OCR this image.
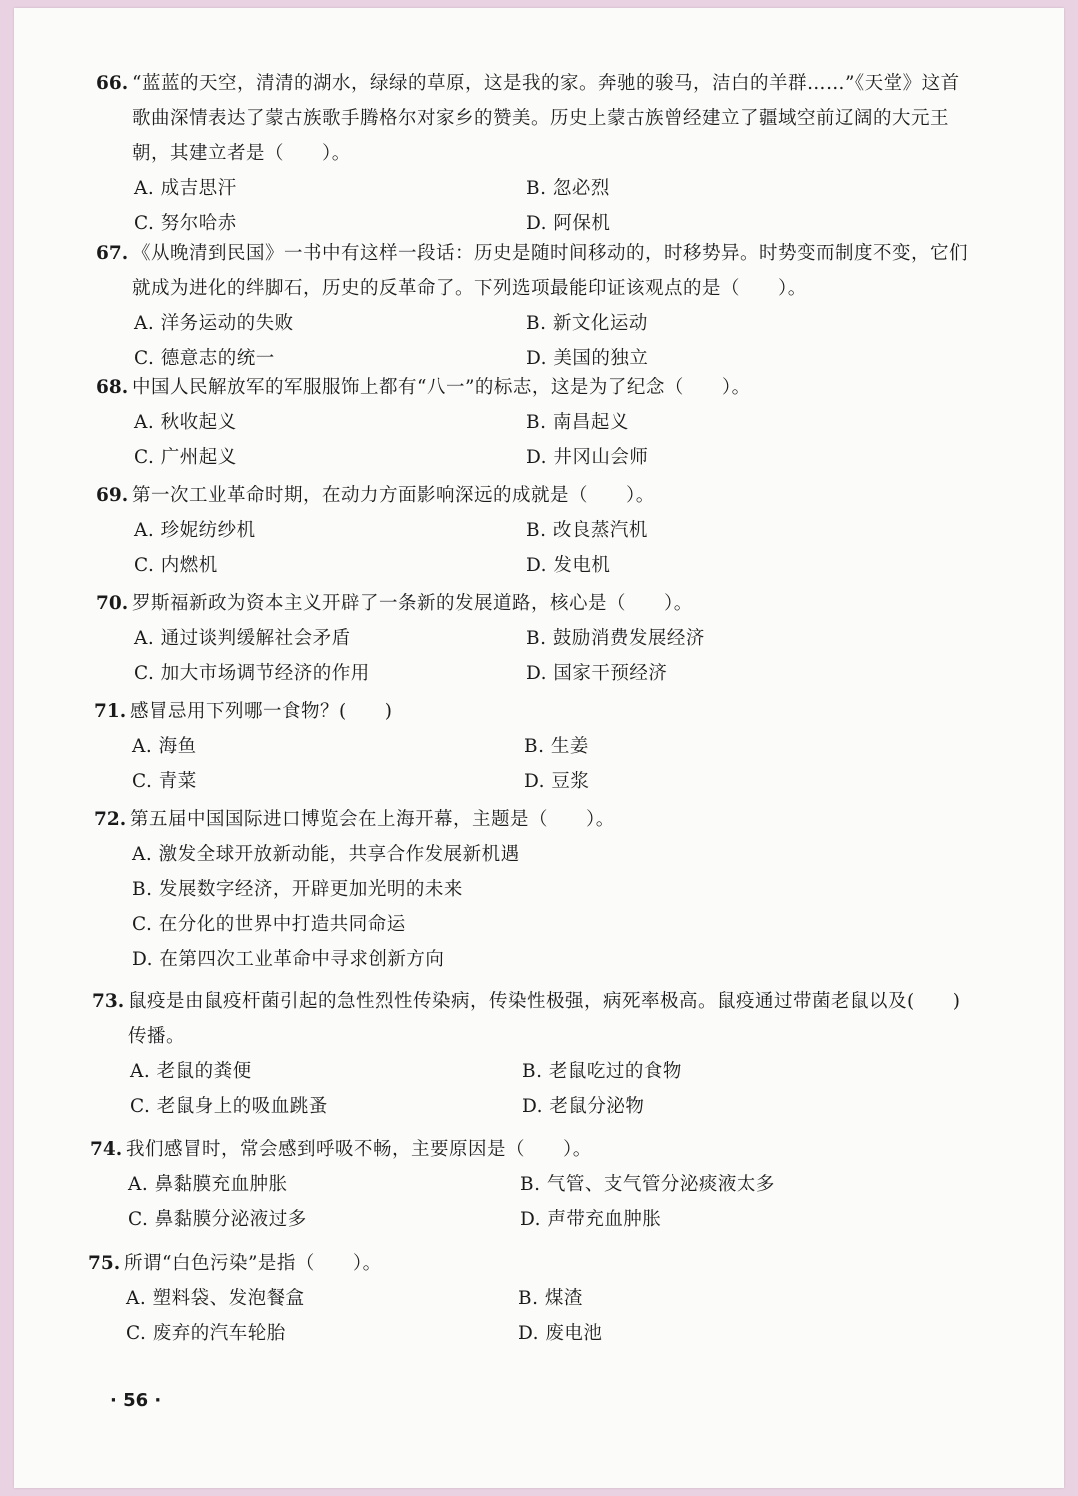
66. “蓝蓝的天空，清清的湖水，绿绿的草原，这是我的家。奔驰的骏马，洁白的羊群……”《天堂》这首歌曲深情表达了蒙古族歌手腾格尔对家乡的赞美。历史上蒙古族曾经建立了疆域空前辽阔的大元王朝，其建立者是（　　）。
A. 成吉思汗	B. 忽必烈
C. 努尔哈赤	D. 阿保机
67. 《从晚清到民国》一书中有这样一段话：历史是随时间移动的，时移势异。时势变而制度不变，它们就成为进化的绊脚石，历史的反革命了。下列选项最能印证该观点的是（　　）。
A. 洋务运动的失败	B. 新文化运动
C. 德意志的统一	D. 美国的独立
68. 中国人民解放军的军服服饰上都有“八一”的标志，这是为了纪念（　　）。
A. 秋收起义	B. 南昌起义
C. 广州起义	D. 井冈山会师
69. 第一次工业革命时期，在动力方面影响深远的成就是（　　）。
A. 珍妮纺纱机	B. 改良蒸汽机
C. 内燃机	D. 发电机
70. 罗斯福新政为资本主义开辟了一条新的发展道路，核心是（　　）。
A. 通过谈判缓解社会矛盾	B. 鼓励消费发展经济
C. 加大市场调节经济的作用	D. 国家干预经济
71. 感冒忌用下列哪一食物？(　　)
A. 海鱼	B. 生姜
C. 青菜	D. 豆浆
72. 第五届中国国际进口博览会在上海开幕，主题是（　　）。
A. 激发全球开放新动能，共享合作发展新机遇
B. 发展数字经济，开辟更加光明的未来
C. 在分化的世界中打造共同命运
D. 在第四次工业革命中寻求创新方向
73. 鼠疫是由鼠疫杆菌引起的急性烈性传染病，传染性极强，病死率极高。鼠疫通过带菌老鼠以及(　　)传播。
A. 老鼠的粪便	B. 老鼠吃过的食物
C. 老鼠身上的吸血跳蚤	D. 老鼠分泌物
74. 我们感冒时，常会感到呼吸不畅，主要原因是（　　）。
A. 鼻黏膜充血肿胀	B. 气管、支气管分泌痰液太多
C. 鼻黏膜分泌液过多	D. 声带充血肿胀
75. 所谓“白色污染”是指（　　）。
A. 塑料袋、发泡餐盒	B. 煤渣
C. 废弃的汽车轮胎	D. 废电池
· 56 ·
